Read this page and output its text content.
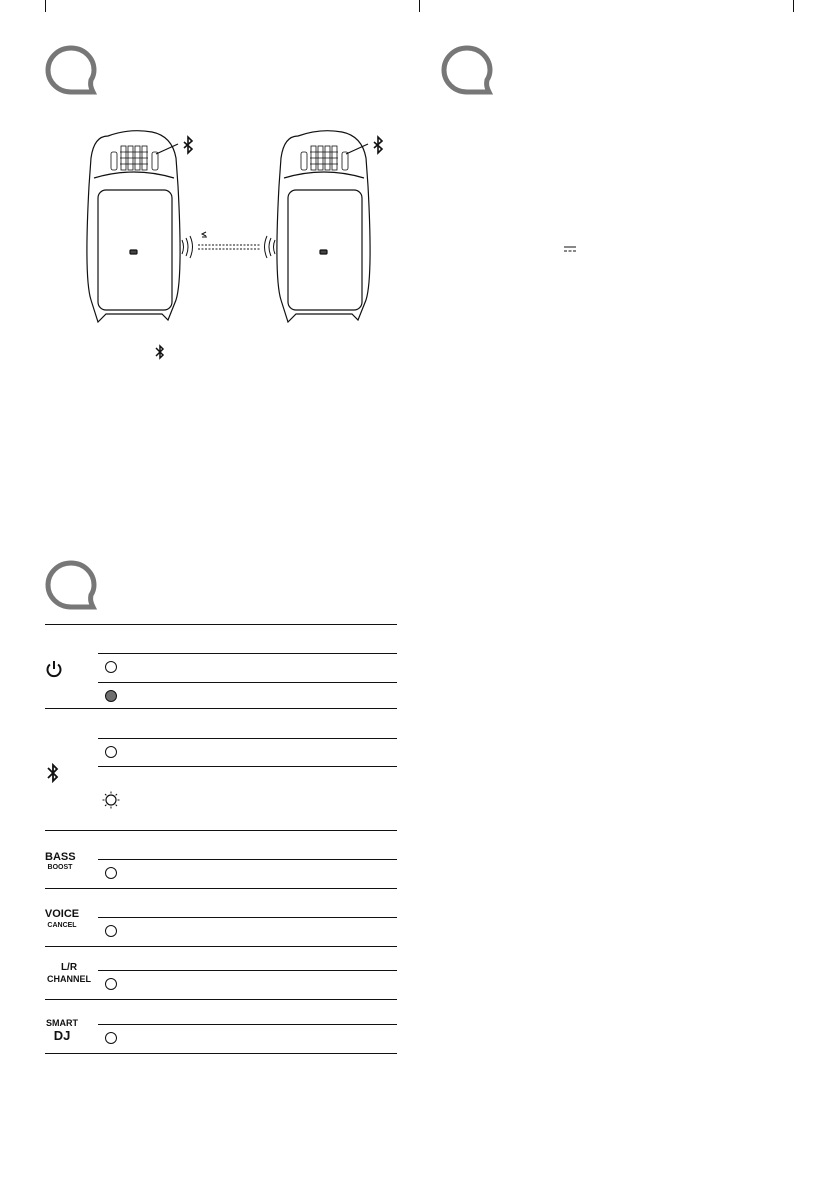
BASS
BOOST
VOICE
CANCEL
L/R
CHANNEL
SMART
DJ
